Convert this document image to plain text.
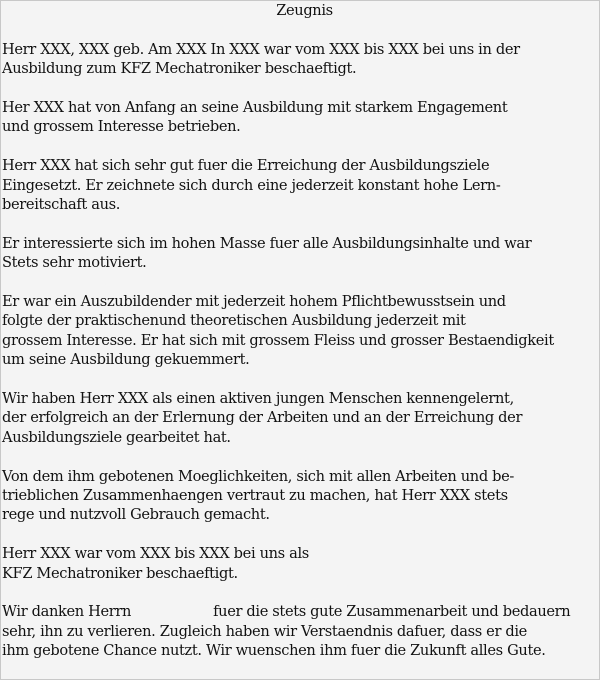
Zeugnis

Herr XXX, XXX geb. Am XXX In XXX war vom XXX bis XXX bei uns in der
Ausbildung zum KFZ Mechatroniker beschaeftigt.

Her XXX hat von Anfang an seine Ausbildung mit starkem Engagement
und grossem Interesse betrieben.

Herr XXX hat sich sehr gut fuer die Erreichung der Ausbildungsziele
Eingesetzt. Er zeichnete sich durch eine jederzeit konstant hohe Lern-
bereitschaft aus.

Er interessierte sich im hohen Masse fuer alle Ausbildungsinhalte und war
Stets sehr motiviert.

Er war ein Auszubildender mit jederzeit hohem Pflichtbewusstsein und
folgte der praktischenund theoretischen Ausbildung jederzeit mit
grossem Interesse. Er hat sich mit grossem Fleiss und grosser Bestaendigkeit
um seine Ausbildung gekuemmert.

Wir haben Herr XXX als einen aktiven jungen Menschen kennengelernt,
der erfolgreich an der Erlernung der Arbeiten und an der Erreichung der
Ausbildungsziele gearbeitet hat.

Von dem ihm gebotenen Moeglichkeiten, sich mit allen Arbeiten und be-
trieblichen Zusammenhaengen vertraut zu machen, hat Herr XXX stets
rege und nutzvoll Gebrauch gemacht.

Herr XXX war vom XXX bis XXX bei uns als
KFZ Mechatroniker beschaeftigt.

Wir danken Herrn	fuer die stets gute Zusammenarbeit und bedauern
sehr, ihn zu verlieren. Zugleich haben wir Verstaendnis dafuer, dass er die
ihm gebotene Chance nutzt. Wir wuenschen ihm fuer die Zukunft alles Gute.
